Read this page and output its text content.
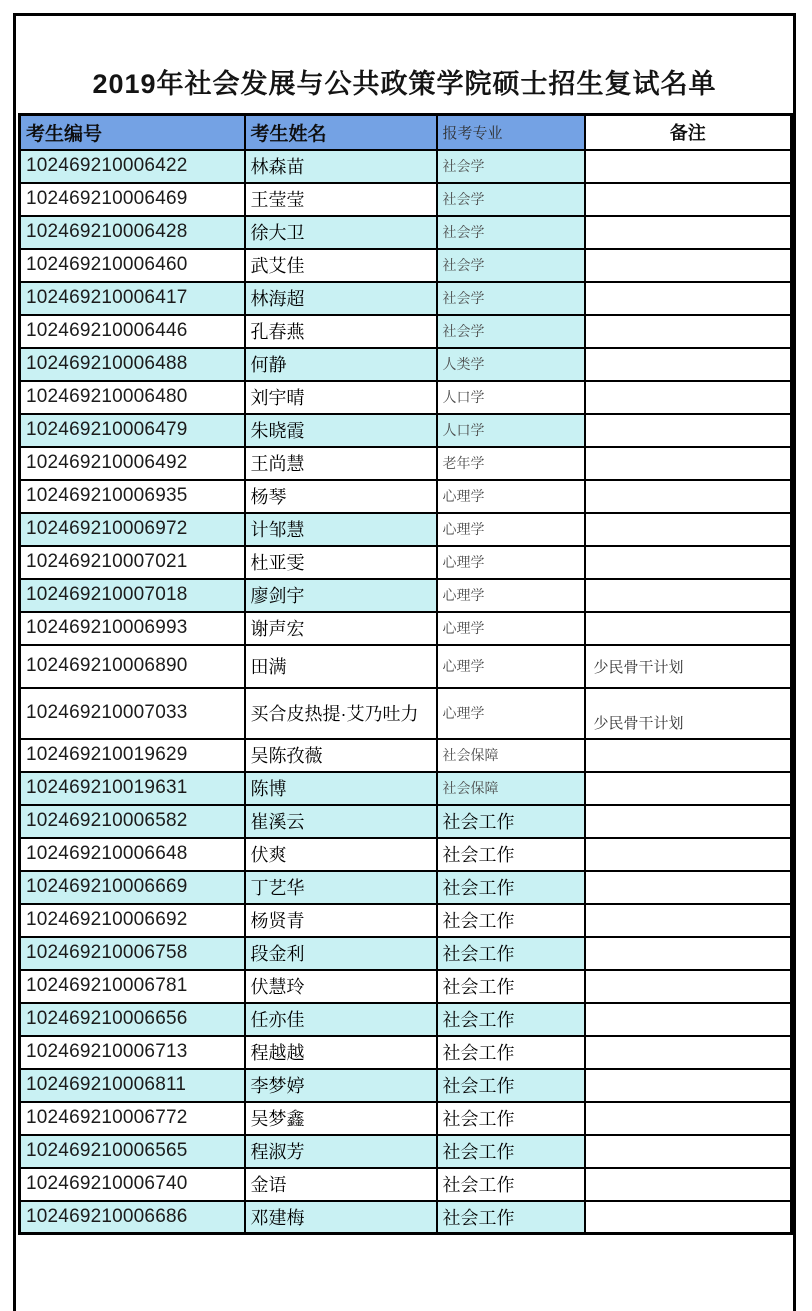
2019年社会发展与公共政策学院硕士招生复试名单
考生编号	考生姓名	报考专业	备注
102469210006422	林森苗	社会学	
102469210006469	王莹莹	社会学	
102469210006428	徐大卫	社会学	
102469210006460	武艾佳	社会学	
102469210006417	林海超	社会学	
102469210006446	孔春燕	社会学	
102469210006488	何静	人类学	
102469210006480	刘宇晴	人口学	
102469210006479	朱晓霞	人口学	
102469210006492	王尚慧	老年学	
102469210006935	杨琴	心理学	
102469210006972	计邹慧	心理学	
102469210007021	杜亚雯	心理学	
102469210007018	廖剑宇	心理学	
102469210006993	谢声宏	心理学	
102469210006890	田满	心理学	少民骨干计划
102469210007033	买合皮热提·艾乃吐力	心理学	少民骨干计划
102469210019629	吴陈孜薇	社会保障	
102469210019631	陈博	社会保障	
102469210006582	崔溪云	社会工作	
102469210006648	伏爽	社会工作	
102469210006669	丁艺华	社会工作	
102469210006692	杨贤青	社会工作	
102469210006758	段金利	社会工作	
102469210006781	伏慧玲	社会工作	
102469210006656	任亦佳	社会工作	
102469210006713	程越越	社会工作	
102469210006811	李梦婷	社会工作	
102469210006772	吴梦鑫	社会工作	
102469210006565	程淑芳	社会工作	
102469210006740	金语	社会工作	
102469210006686	邓建梅	社会工作	
